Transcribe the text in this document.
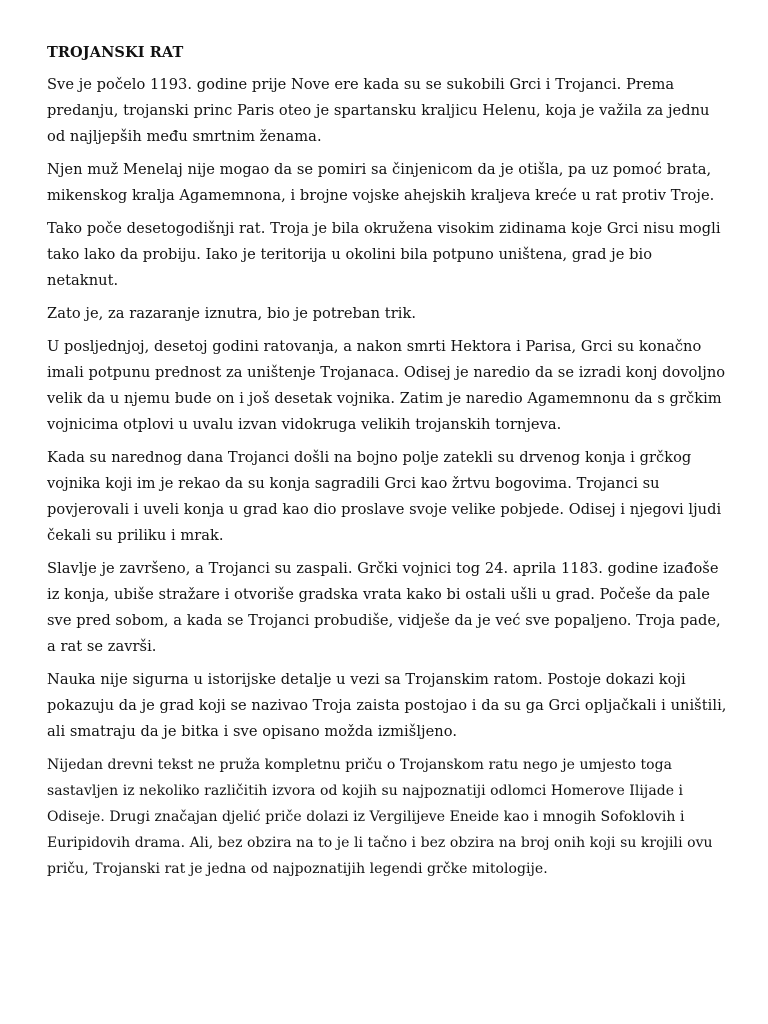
TROJANSKI RAT

Sve je počelo 1193. godine prije Nove ere kada su se sukobili Grci i Trojanci. Prema predanju, trojanski princ Paris oteo je spartansku kraljicu Helenu, koja je važila za jednu od najljepših među smrtnim ženama.

Njen muž Menelaj nije mogao da se pomiri sa činjenicom da je otišla, pa uz pomoć brata, mikenskog kralja Agamemnona, i brojne vojske ahejskih kraljeva kreće u rat protiv Troje.

Tako poče desetogodišnji rat. Troja je bila okružena visokim zidinama koje Grci nisu mogli tako lako da probiju. Iako je teritorija u okolini bila potpuno uništena, grad je bio netaknut.

Zato je, za razaranje iznutra, bio je potreban trik.

U posljednjoj, desetoj godini ratovanja, a nakon smrti Hektora i Parisa, Grci su konačno imali potpunu prednost za uništenje Trojanaca. Odisej je naredio da se izradi konj dovoljno velik da u njemu bude on i još desetak vojnika. Zatim je naredio Agamemnonu da s grčkim vojnicima otplovi u uvalu izvan vidokruga velikih trojanskih tornjeva.

Kada su narednog dana Trojanci došli na bojno polje zatekli su drvenog konja i grčkog vojnika koji im je rekao da su konja sagradili Grci kao žrtvu bogovima. Trojanci su povjerovali i uveli konja u grad kao dio proslave svoje velike pobjede. Odisej i njegovi ljudi čekali su priliku i mrak.

Slavlje je završeno, a Trojanci su zaspali. Grčki vojnici tog 24. aprila 1183. godine izađoše iz konja, ubiše stražare i otvoriše gradska vrata kako bi ostali ušli u grad. Počeše da pale sve pred sobom, a kada se Trojanci probudiše, vidješe da je već sve popaljeno. Troja pade, a rat se završi.

Nauka nije sigurna u istorijske detalje u vezi sa Trojanskim ratom. Postoje dokazi koji pokazuju da je grad koji se nazivao Troja zaista postojao i da su ga Grci opljačkali i uništili, ali smatraju da je bitka i sve opisano možda izmišljeno.

Nijedan drevni tekst ne pruža kompletnu priču o Trojanskom ratu nego je umjesto toga sastavljen iz nekoliko različitih izvora od kojih su najpoznatiji odlomci Homerove Ilijade i Odiseje. Drugi značajan djelić priče dolazi iz Vergilijeve Eneide kao i mnogih Sofoklovih i Euripidovih drama. Ali, bez obzira na to je li tačno i bez obzira na broj onih koji su krojili ovu priču, Trojanski rat je jedna od najpoznatijih legendi grčke mitologije.
